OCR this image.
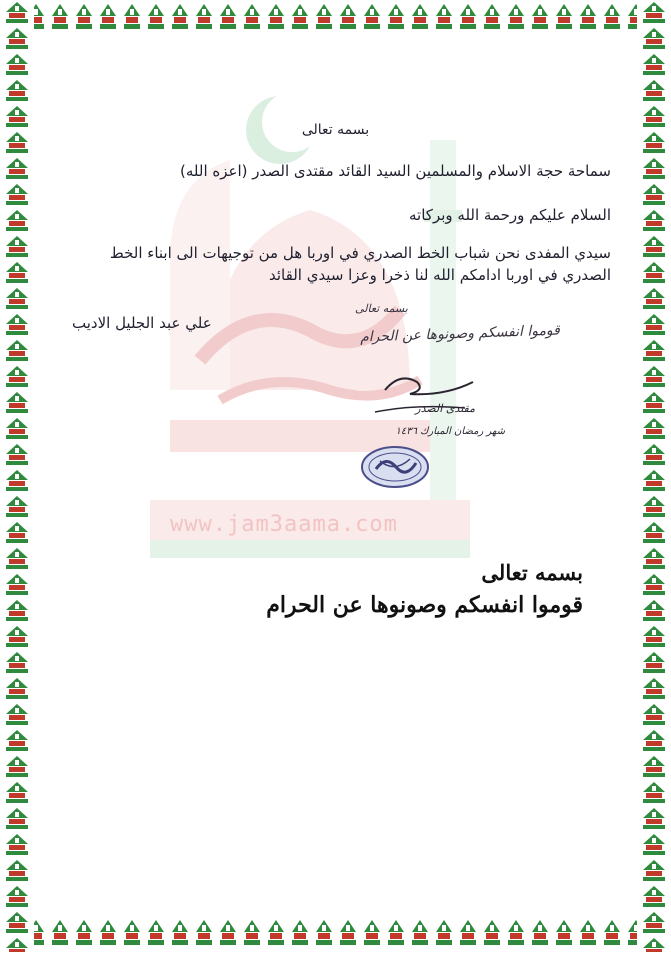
www.jam3aama.com
بسمه تعالى
سماحة حجة الاسلام والمسلمين السيد القائد مقتدى الصدر (اعزه الله)
السلام عليكم ورحمة الله وبركاته
سيدي المفدى نحن شباب الخط الصدري في اوربا هل من توجيهات الى ابناء الخط
الصدري في اوربا ادامكم الله لنا ذخرا وعزا سيدي القائد
علي عبد الجليل الاديب
بسمه تعالى
قوموا انفسكم وصونوها عن الحرام
مقتدى الصدر
شهر رمضان المبارك ١٤٣٦
بسمه تعالى
قوموا انفسكم وصونوها عن الحرام
